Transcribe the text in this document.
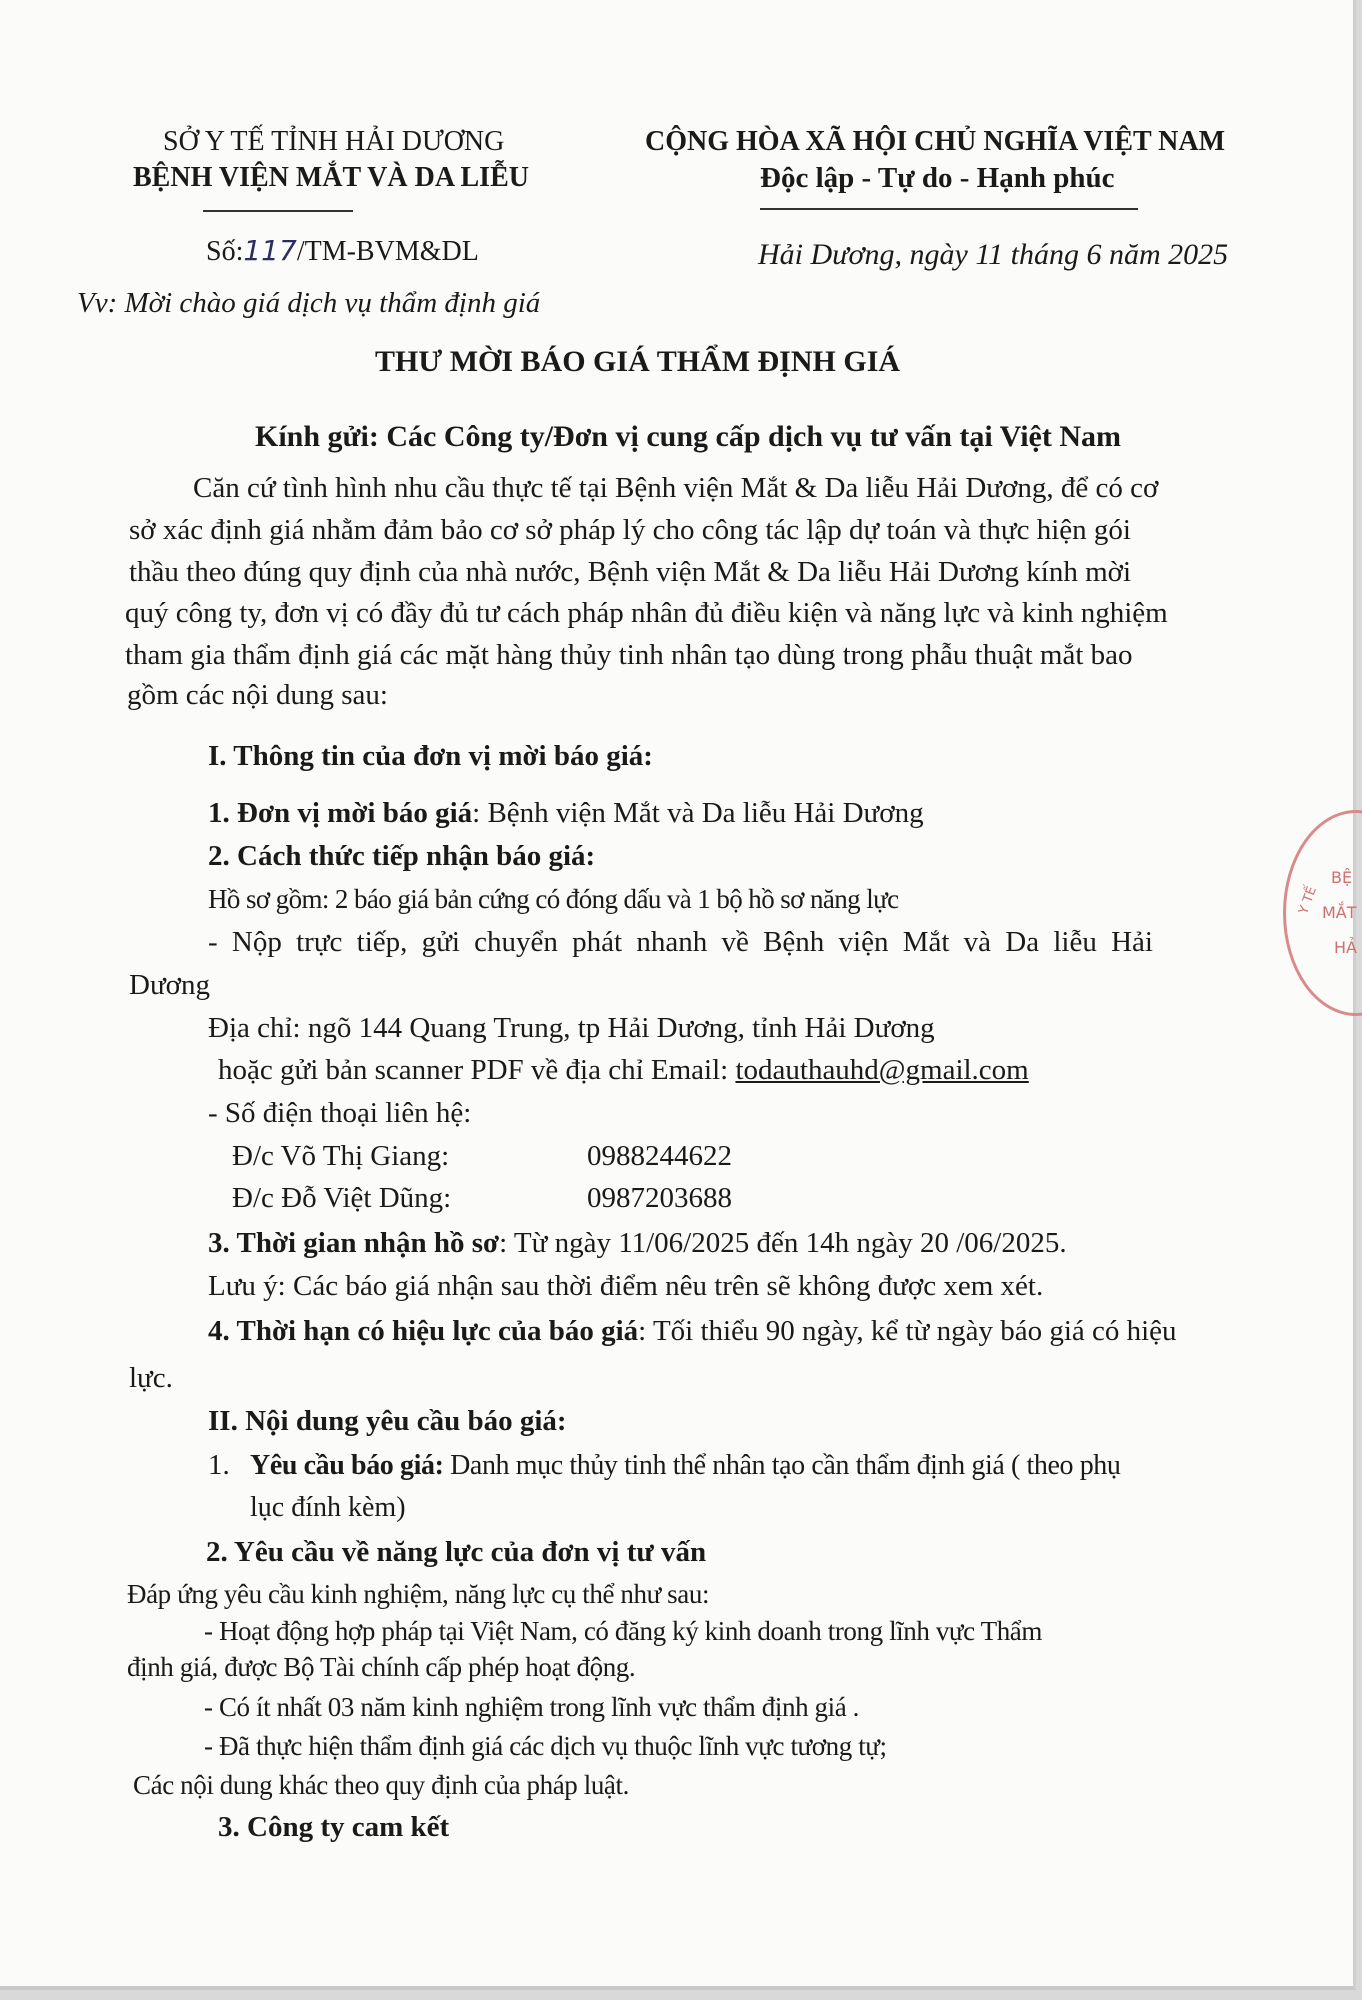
SỞ Y TẾ TỈNH HẢI DƯƠNG
BỆNH VIỆN MẮT VÀ DA LIỄU
CỘNG HÒA XÃ HỘI CHỦ NGHĨA VIỆT NAM
Độc lập - Tự do - Hạnh phúc
Số:117/TM-BVM&DL	Hải Dương, ngày 11 tháng 6 năm 2025
Vv: Mời chào giá dịch vụ thẩm định giá
THƯ MỜI BÁO GIÁ THẨM ĐỊNH GIÁ
Kính gửi: Các Công ty/Đơn vị cung cấp dịch vụ tư vấn tại Việt Nam
Căn cứ tình hình nhu cầu thực tế tại Bệnh viện Mắt & Da liễu Hải Dương, để có cơ
sở xác định giá nhằm đảm bảo cơ sở pháp lý cho công tác lập dự toán và thực hiện gói
thầu theo đúng quy định của nhà nước, Bệnh viện Mắt & Da liễu Hải Dương kính mời
quý công ty, đơn vị có đầy đủ tư cách pháp nhân đủ điều kiện và năng lực và kinh nghiệm
tham gia thẩm định giá các mặt hàng thủy tinh nhân tạo dùng trong phẫu thuật mắt bao
gồm các nội dung sau:
I. Thông tin của đơn vị mời báo giá:
1. Đơn vị mời báo giá: Bệnh viện Mắt và Da liễu Hải Dương
2. Cách thức tiếp nhận báo giá:
Hồ sơ gồm: 2 báo giá bản cứng có đóng dấu và 1 bộ hồ sơ năng lực
- Nộp trực tiếp, gửi chuyển phát nhanh về Bệnh viện Mắt và Da liễu Hải
Dương
Địa chỉ: ngõ 144 Quang Trung, tp Hải Dương, tỉnh Hải Dương
hoặc gửi bản scanner PDF về địa chỉ Email: todauthauhd@gmail.com
- Số điện thoại liên hệ:
Đ/c Võ Thị Giang:	0988244622
Đ/c Đỗ Việt Dũng:	0987203688
3. Thời gian nhận hồ sơ: Từ ngày 11/06/2025 đến 14h ngày 20 /06/2025.
Lưu ý: Các báo giá nhận sau thời điểm nêu trên sẽ không được xem xét.
4. Thời hạn có hiệu lực của báo giá: Tối thiểu 90 ngày, kể từ ngày báo giá có hiệu
lực.
II. Nội dung yêu cầu báo giá:
1. Yêu cầu báo giá: Danh mục thủy tinh thể nhân tạo cần thẩm định giá ( theo phụ
lục đính kèm)
2. Yêu cầu về năng lực của đơn vị tư vấn
Đáp ứng yêu cầu kinh nghiệm, năng lực cụ thể như sau:
- Hoạt động hợp pháp tại Việt Nam, có đăng ký kinh doanh trong lĩnh vực Thẩm
định giá, được Bộ Tài chính cấp phép hoạt động.
- Có ít nhất 03 năm kinh nghiệm trong lĩnh vực thẩm định giá .
- Đã thực hiện thẩm định giá các dịch vụ thuộc lĩnh vực tương tự;
Các nội dung khác theo quy định của pháp luật.
3. Công ty cam kết
BỆ
MẮT
HẢ
Y TẾ
